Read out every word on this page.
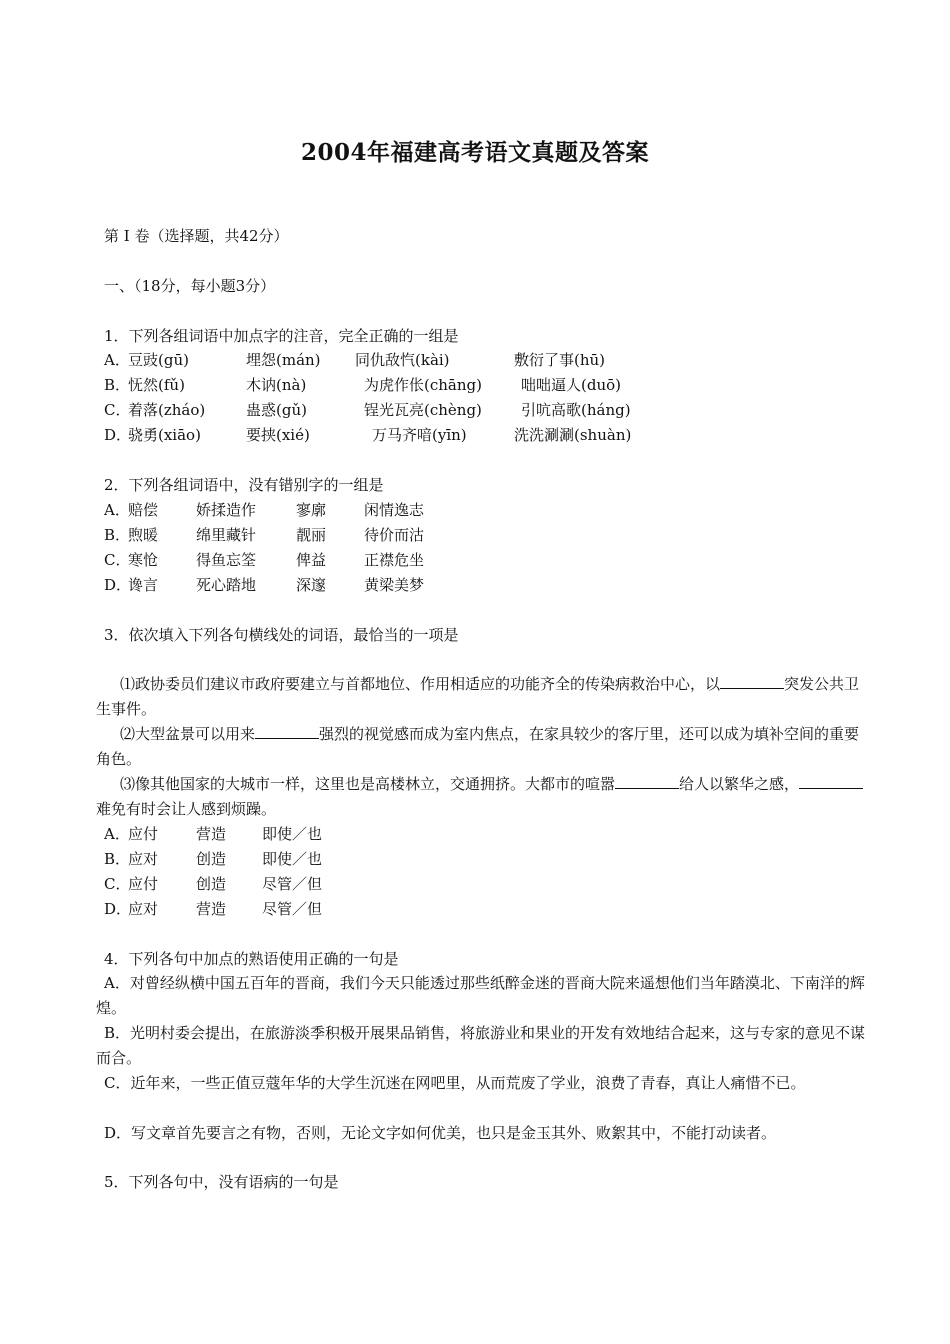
2004年福建高考语文真题及答案
第 I 卷（选择题，共42分）
一、（18分，每小题3分）
1．下列各组词语中加点字的注音，完全正确的一组是
A．
豆豉(gū)	埋怨(mán) 同仇敌忾(kài)	敷衍了事(hū)
B．
怃然(fǔ)	木讷(nà)	为虎作伥(chāng)	咄咄逼人(duō)
C．
着落(zháo)	蛊惑(gǔ)	锃光瓦亮(chèng)	引吭高歌(háng)
D．
骁勇(xiāo)	要挟(xié)	万马齐喑(yīn)	洗洗涮涮(shuàn)
2．下列各组词语中，没有错别字的一组是
A．
赔偿	娇揉造作	寥廓	闲情逸志
B．
煦暖	绵里藏针	靓丽	待价而沽
C．
寒怆	得鱼忘筌	俾益	正襟危坐
D．
谗言	死心踏地	深邃	黄梁美梦
3．依次填入下列各句横线处的词语，最恰当的一项是
⑴政协委员们建议市政府要建立与首都地位、作用相适应的功能齐全的传染病救治中心，以	突发公共卫生事件。
⑵大型盆景可以用来	强烈的视觉感而成为室内焦点，在家具较少的客厅里，还可以成为填补空间的重要角色。
⑶像其他国家的大城市一样，这里也是高楼林立，交通拥挤。大都市的喧嚣	给人以繁华之感，难免有时会让人感到烦躁。
A．
应付	营造 即使／也
B．
应对	创造 即使／也
C．
应付	创造 尽管／但
D．
应对	营造 尽管／但
4．下列各句中加点的熟语使用正确的一句是
A．对曾经纵横中国五百年的晋商，我们今天只能透过那些纸醉金迷的晋商大院来遥想他们当年踏漠北、下南洋的辉煌。
B．光明村委会提出，在旅游淡季积极开展果品销售，将旅游业和果业的开发有效地结合起来，这与专家的意见不谋而合。
C．近年来，一些正值豆蔻年华的大学生沉迷在网吧里，从而荒废了学业，浪费了青春，真让人痛惜不已。
D．写文章首先要言之有物，否则，无论文字如何优美，也只是金玉其外、败絮其中，不能打动读者。
5．下列各句中，没有语病的一句是
